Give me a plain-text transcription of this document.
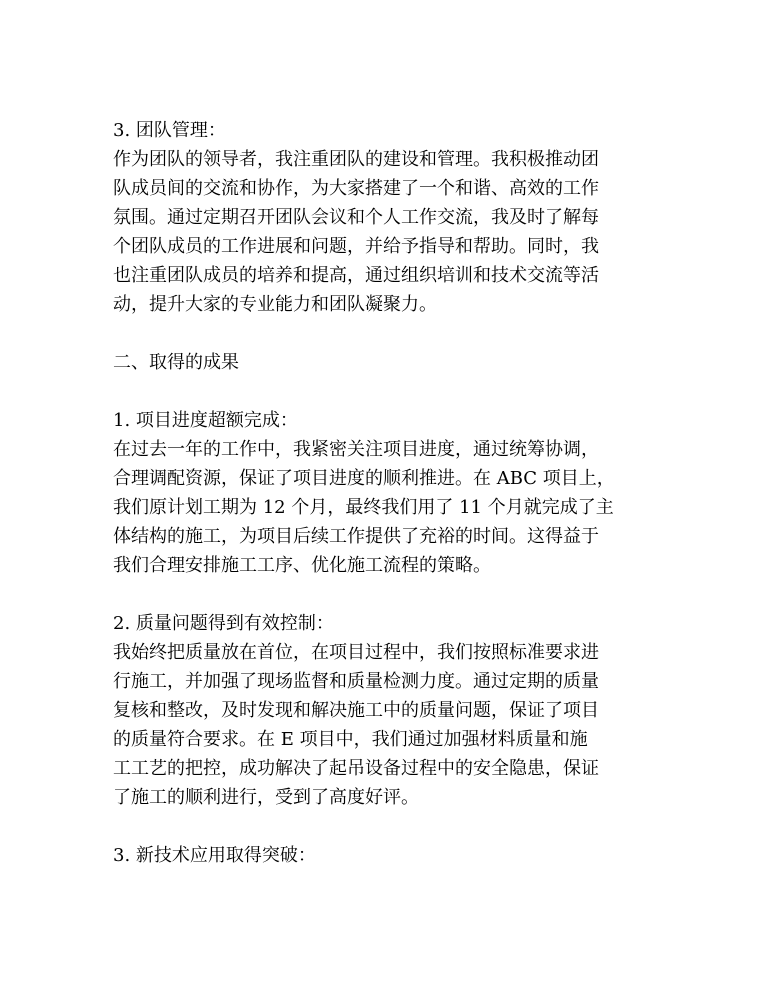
3. 团队管理：
作为团队的领导者，我注重团队的建设和管理。我积极推动团
队成员间的交流和协作，为大家搭建了一个和谐、高效的工作
氛围。通过定期召开团队会议和个人工作交流，我及时了解每
个团队成员的工作进展和问题，并给予指导和帮助。同时，我
也注重团队成员的培养和提高，通过组织培训和技术交流等活
动，提升大家的专业能力和团队凝聚力。
二、取得的成果
1. 项目进度超额完成：
在过去一年的工作中，我紧密关注项目进度，通过统筹协调，
合理调配资源，保证了项目进度的顺利推进。在 ABC 项目上，
我们原计划工期为 12 个月，最终我们用了 11 个月就完成了主
体结构的施工，为项目后续工作提供了充裕的时间。这得益于
我们合理安排施工工序、优化施工流程的策略。
2. 质量问题得到有效控制：
我始终把质量放在首位，在项目过程中，我们按照标准要求进
行施工，并加强了现场监督和质量检测力度。通过定期的质量
复核和整改，及时发现和解决施工中的质量问题，保证了项目
的质量符合要求。在 E 项目中，我们通过加强材料质量和施
工工艺的把控，成功解决了起吊设备过程中的安全隐患，保证
了施工的顺利进行，受到了高度好评。
3. 新技术应用取得突破：
